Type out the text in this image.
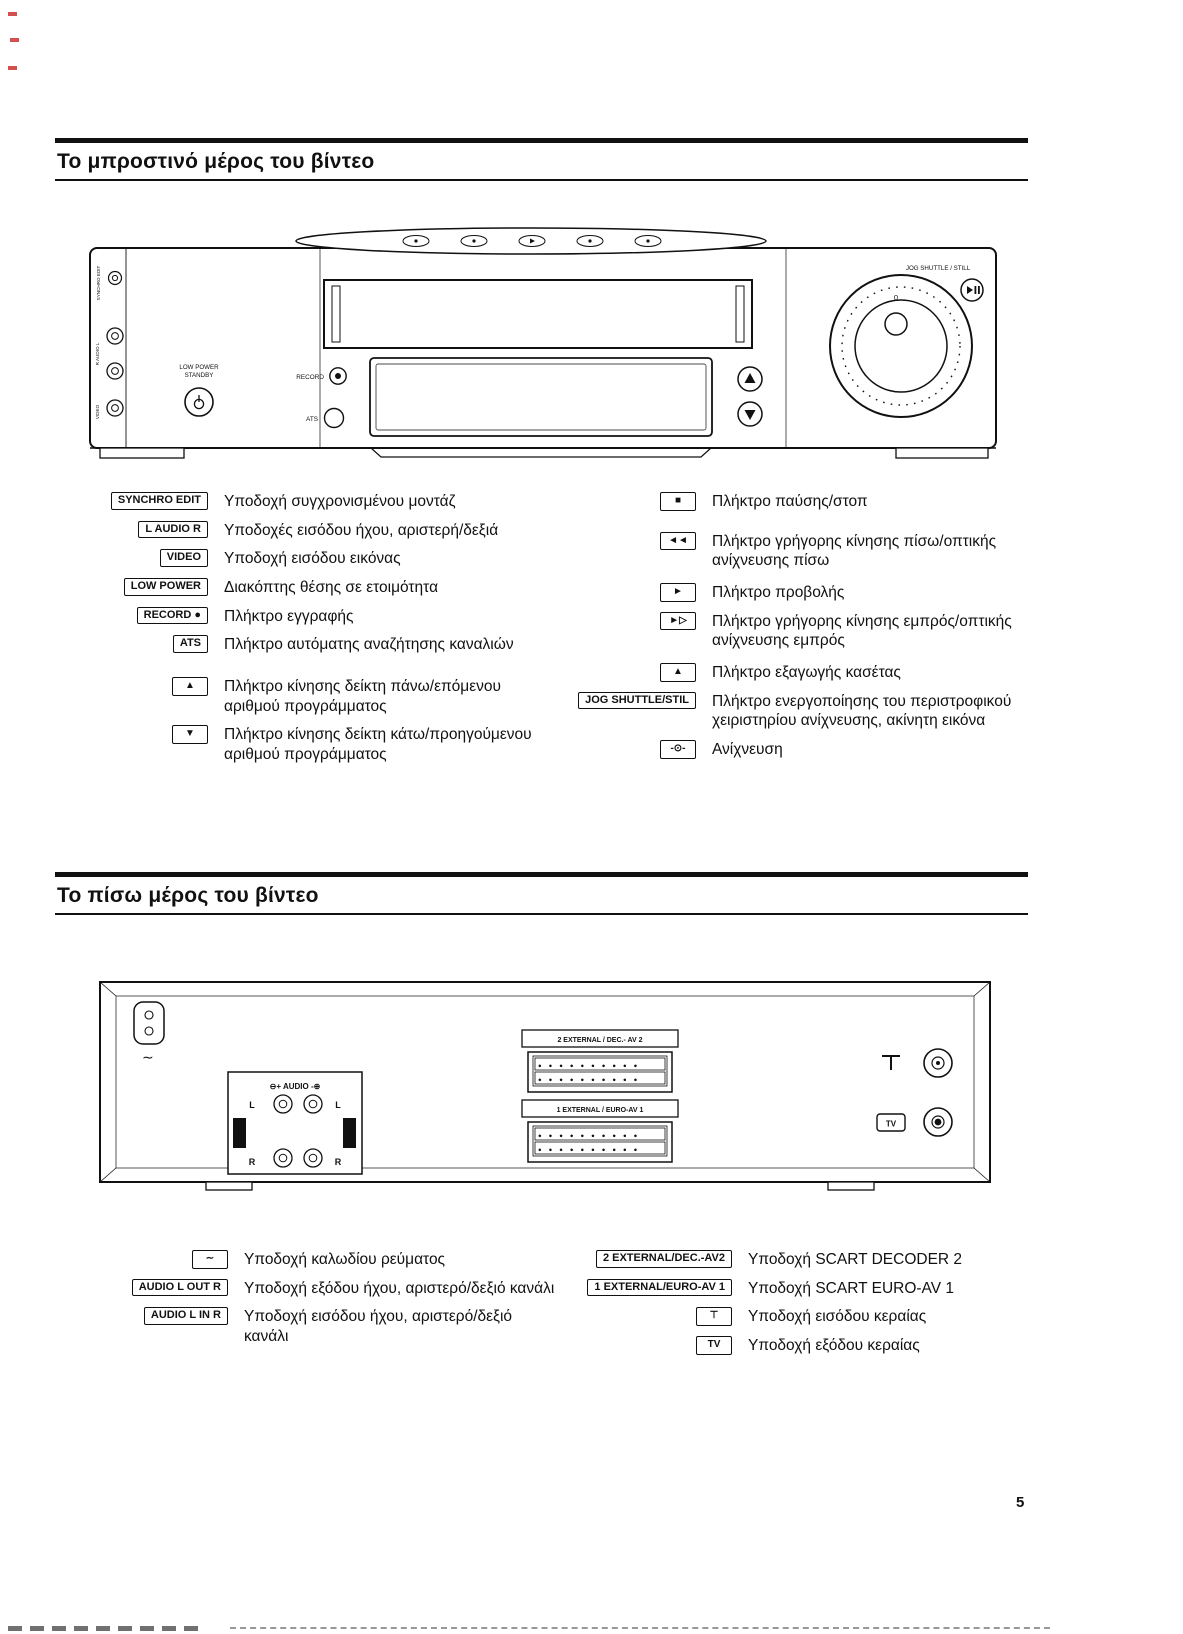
Το μπροστινό μέρος του βίντεο
SYNCHRO EDIT
R AUDIO L
VIDEO
LOW POWER
STANDBY	RECORD
ATS
JOG SHUTTLE / STILL
0
SYNCHRO EDIT	Υποδοχή συγχρονισμένου μοντάζ
L AUDIO R	Υποδοχές εισόδου ήχου, αριστερή/δεξιά
VIDEO	Υποδοχή εισόδου εικόνας
LOW POWER	Διακόπτης θέσης σε ετοιμότητα
RECORD ●	Πλήκτρο εγγραφής
ATS	Πλήκτρο αυτόματης αναζήτησης καναλιών
▲	Πλήκτρο κίνησης δείκτη πάνω/επόμενου αριθμού προγράμματος
▼	Πλήκτρο κίνησης δείκτη κάτω/προηγούμενου αριθμού προγράμματος
■	Πλήκτρο παύσης/στοπ
◄◄	Πλήκτρο γρήγορης κίνησης πίσω/οπτικής ανίχνευσης πίσω
►	Πλήκτρο προβολής
►▷	Πλήκτρο γρήγορης κίνησης εμπρός/οπτικής ανίχνευσης εμπρός
▲	Πλήκτρο εξαγωγής κασέτας
JOG SHUTTLE/STIL	Πλήκτρο ενεργοποίησης του περιστροφικού χειριστηρίου ανίχνευσης, ακίνητη εικόνα
-⊙-	Ανίχνευση
Το πίσω μέρος του βίντεο
∼
⊖+ AUDIO -⊕
L	L
R	R
OUT	IN
2 EXTERNAL / DEC.- AV 2
●●●●●●●●●●
●●●●●●●●●●
1 EXTERNAL / EURO-AV 1
●●●●●●●●●●
●●●●●●●●●●
TV
∼	Υποδοχή καλωδίου ρεύματος
AUDIO L OUT R	Υποδοχή εξόδου ήχου, αριστερό/δεξιό κανάλι
AUDIO L IN R	Υποδοχή εισόδου ήχου, αριστερό/δεξιό κανάλι
2 EXTERNAL/DEC.-AV2	Υποδοχή SCART DECODER 2
1 EXTERNAL/EURO-AV 1	Υποδοχή SCART EURO-AV 1
⊤	Υποδοχή εισόδου κεραίας
TV	Υποδοχή εξόδου κεραίας
5
